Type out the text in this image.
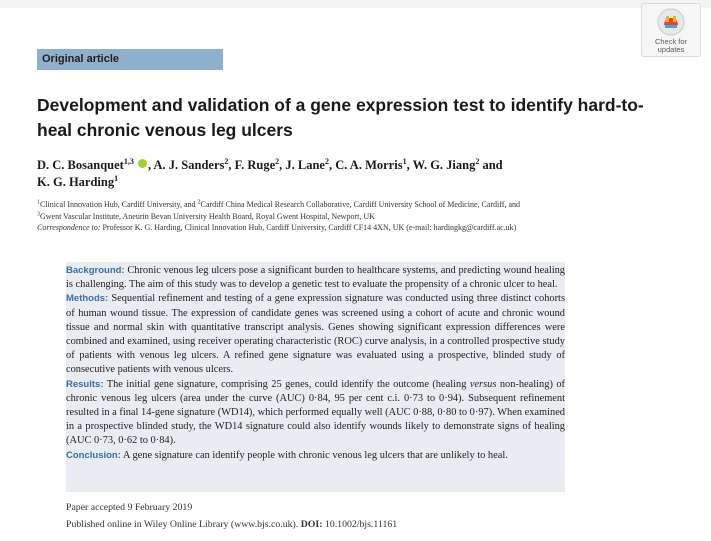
Check for
updates
Original article
Development and validation of a gene expression test to identify hard-to-heal chronic venous leg ulcers
D. C. Bosanquet$^{1,3}$ , A. J. Sanders$^2$, F. Ruge$^2$, J. Lane$^2$, C. A. Morris$^1$, W. G. Jiang$^2$ and
K. G. Harding$^1$
$^1$Clinical Innovation Hub, Cardiff University, and $^2$Cardiff China Medical Research Collaborative, Cardiff University School of Medicine, Cardiff, and
$^3$Gwent Vascular Institute, Aneurin Bevan University Health Board, Royal Gwent Hospital, Newport, UK
Correspondence to: Professor K. G. Harding, Clinical Innovation Hub, Cardiff University, Cardiff CF14 4XN, UK (e-mail: hardingkg@cardiff.ac.uk)

Background: Chronic venous leg ulcers pose a significant burden to healthcare systems, and predicting wound healing is challenging. The aim of this study was to develop a genetic test to evaluate the propensity of a chronic ulcer to heal.

Methods: Sequential refinement and testing of a gene expression signature was conducted using three distinct cohorts of human wound tissue. The expression of candidate genes was screened using a cohort of acute and chronic wound tissue and normal skin with quantitative transcript analysis. Genes showing significant expression differences were combined and examined, using receiver operating characteristic (ROC) curve analysis, in a controlled prospective study of patients with venous leg ulcers. A refined gene signature was evaluated using a prospective, blinded study of consecutive patients with venous ulcers.

Results: The initial gene signature, comprising 25 genes, could identify the outcome (healing versus non-healing) of chronic venous leg ulcers (area under the curve (AUC) 0·84, 95 per cent c.i. 0·73 to 0·94). Subsequent refinement resulted in a final 14-gene signature (WD14), which performed equally well (AUC 0·88, 0·80 to 0·97). When examined in a prospective blinded study, the WD14 signature could also identify wounds likely to demonstrate signs of healing (AUC 0·73, 0·62 to 0·84).

Conclusion: A gene signature can identify people with chronic venous leg ulcers that are unlikely to heal.

Paper accepted 9 February 2019
Published online in Wiley Online Library (www.bjs.co.uk). DOI: 10.1002/bjs.11161
